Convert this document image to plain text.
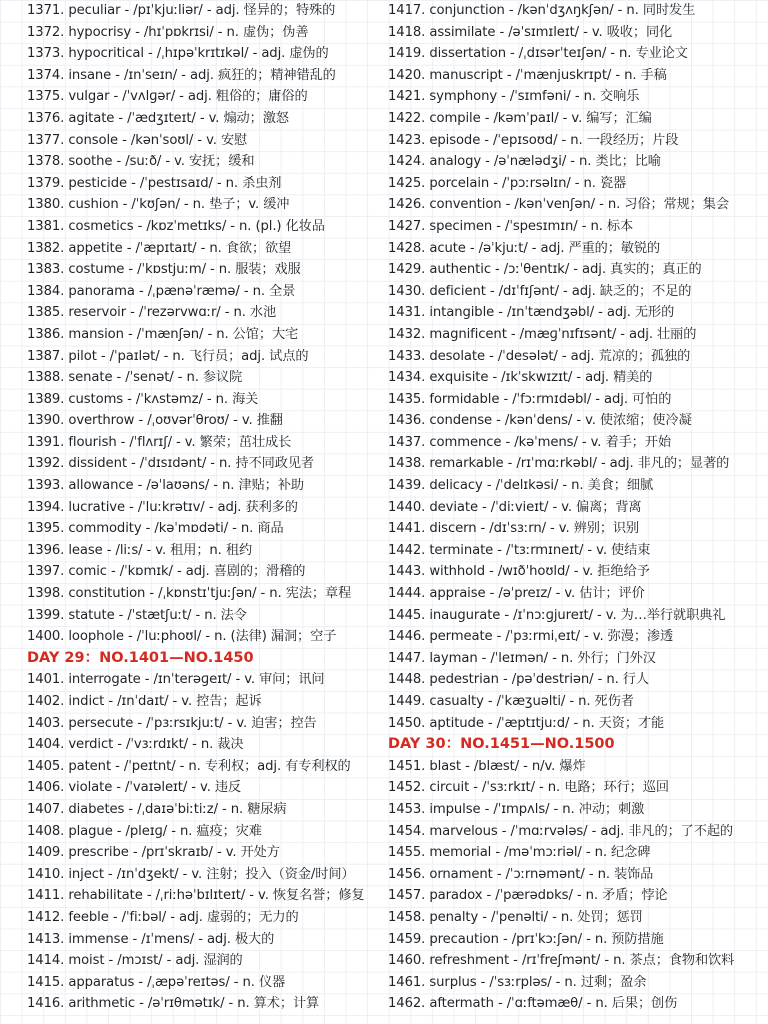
1371. peculiar - /pɪˈkjuːliər/ - adj. 怪异的；特殊的
1372. hypocrisy - /hɪˈpɒkrɪsi/ - n. 虚伪；伪善
1373. hypocritical - /ˌhɪpəˈkrɪtɪkəl/ - adj. 虚伪的
1374. insane - /ɪnˈseɪn/ - adj. 疯狂的；精神错乱的
1375. vulgar - /ˈvʌlɡər/ - adj. 粗俗的；庸俗的
1376. agitate - /ˈædʒɪteɪt/ - v. 煽动；激怒
1377. console - /kənˈsoʊl/ - v. 安慰
1378. soothe - /suːð/ - v. 安抚；缓和
1379. pesticide - /ˈpestɪsaɪd/ - n. 杀虫剂
1380. cushion - /ˈkʊʃən/ - n. 垫子；v. 缓冲
1381. cosmetics - /kɒzˈmetɪks/ - n. (pl.) 化妆品
1382. appetite - /ˈæpɪtaɪt/ - n. 食欲；欲望
1383. costume - /ˈkɒstjuːm/ - n. 服装；戏服
1384. panorama - /ˌpænəˈræmə/ - n. 全景
1385. reservoir - /ˈrezərvwɑːr/ - n. 水池
1386. mansion - /ˈmænʃən/ - n. 公馆；大宅
1387. pilot - /ˈpaɪlət/ - n. 飞行员；adj. 试点的
1388. senate - /ˈsenət/ - n. 参议院
1389. customs - /ˈkʌstəmz/ - n. 海关
1390. overthrow - /ˌoʊvərˈθroʊ/ - v. 推翻
1391. flourish - /ˈflʌrɪʃ/ - v. 繁荣；茁壮成长
1392. dissident - /ˈdɪsɪdənt/ - n. 持不同政见者
1393. allowance - /əˈlaʊəns/ - n. 津贴；补助
1394. lucrative - /ˈluːkrətɪv/ - adj. 获利多的
1395. commodity - /kəˈmɒdəti/ - n. 商品
1396. lease - /liːs/ - v. 租用；n. 租约
1397. comic - /ˈkɒmɪk/ - adj. 喜剧的；滑稽的
1398. constitution - /ˌkɒnstɪˈtjuːʃən/ - n. 宪法；章程
1399. statute - /ˈstætʃuːt/ - n. 法令
1400. loophole - /ˈluːphoʊl/ - n. (法律) 漏洞；空子
DAY 29：NO.1401—NO.1450
1401. interrogate - /ɪnˈterəɡeɪt/ - v. 审问；讯问
1402. indict - /ɪnˈdaɪt/ - v. 控告；起诉
1403. persecute - /ˈpɜːrsɪkjuːt/ - v. 迫害；控告
1404. verdict - /ˈvɜːrdɪkt/ - n. 裁决
1405. patent - /ˈpeɪtnt/ - n. 专利权；adj. 有专利权的
1406. violate - /ˈvaɪəleɪt/ - v. 违反
1407. diabetes - /ˌdaɪəˈbiːtiːz/ - n. 糖尿病
1408. plague - /pleɪɡ/ - n. 瘟疫；灾难
1409. prescribe - /prɪˈskraɪb/ - v. 开处方
1410. inject - /ɪnˈdʒekt/ - v. 注射；投入（资金/时间）
1411. rehabilitate - /ˌriːhəˈbɪlɪteɪt/ - v. 恢复名誉；修复
1412. feeble - /ˈfiːbəl/ - adj. 虚弱的；无力的
1413. immense - /ɪˈmens/ - adj. 极大的
1414. moist - /mɔɪst/ - adj. 湿润的
1415. apparatus - /ˌæpəˈreɪtəs/ - n. 仪器
1416. arithmetic - /əˈrɪθmətɪk/ - n. 算术；计算
1417. conjunction - /kənˈdʒʌŋkʃən/ - n. 同时发生
1418. assimilate - /əˈsɪmɪleɪt/ - v. 吸收；同化
1419. dissertation - /ˌdɪsərˈteɪʃən/ - n. 专业论文
1420. manuscript - /ˈmænjuskrɪpt/ - n. 手稿
1421. symphony - /ˈsɪmfəni/ - n. 交响乐
1422. compile - /kəmˈpaɪl/ - v. 编写；汇编
1423. episode - /ˈepɪsoʊd/ - n. 一段经历；片段
1424. analogy - /əˈnælədʒi/ - n. 类比；比喻
1425. porcelain - /ˈpɔːrsəlɪn/ - n. 瓷器
1426. convention - /kənˈvenʃən/ - n. 习俗；常规；集会
1427. specimen - /ˈspesɪmɪn/ - n. 标本
1428. acute - /əˈkjuːt/ - adj. 严重的；敏锐的
1429. authentic - /ɔːˈθentɪk/ - adj. 真实的；真正的
1430. deficient - /dɪˈfɪʃənt/ - adj. 缺乏的；不足的
1431. intangible - /ɪnˈtændʒəbl/ - adj. 无形的
1432. magnificent - /mæɡˈnɪfɪsənt/ - adj. 壮丽的
1433. desolate - /ˈdesələt/ - adj. 荒凉的；孤独的
1434. exquisite - /ɪkˈskwɪzɪt/ - adj. 精美的
1435. formidable - /ˈfɔːrmɪdəbl/ - adj. 可怕的
1436. condense - /kənˈdens/ - v. 使浓缩；使冷凝
1437. commence - /kəˈmens/ - v. 着手；开始
1438. remarkable - /rɪˈmɑːrkəbl/ - adj. 非凡的；显著的
1439. delicacy - /ˈdelɪkəsi/ - n. 美食；细腻
1440. deviate - /ˈdiːvieɪt/ - v. 偏离；背离
1441. discern - /dɪˈsɜːrn/ - v. 辨别；识别
1442. terminate - /ˈtɜːrmɪneɪt/ - v. 使结束
1443. withhold - /wɪðˈhoʊld/ - v. 拒绝给予
1444. appraise - /əˈpreɪz/ - v. 估计；评价
1445. inaugurate - /ɪˈnɔːɡjureɪt/ - v. 为…举行就职典礼
1446. permeate - /ˈpɜːrmiˌeɪt/ - v. 弥漫；渗透
1447. layman - /ˈleɪmən/ - n. 外行；门外汉
1448. pedestrian - /pəˈdestriən/ - n. 行人
1449. casualty - /ˈkæʒuəlti/ - n. 死伤者
1450. aptitude - /ˈæptɪtjuːd/ - n. 天资；才能
DAY 30：NO.1451—NO.1500
1451. blast - /blæst/ - n/v. 爆炸
1452. circuit - /ˈsɜːrkɪt/ - n. 电路；环行；巡回
1453. impulse - /ˈɪmpʌls/ - n. 冲动；刺激
1454. marvelous - /ˈmɑːrvələs/ - adj. 非凡的；了不起的
1455. memorial - /məˈmɔːriəl/ - n. 纪念碑
1456. ornament - /ˈɔːrnəmənt/ - n. 装饰品
1457. paradox - /ˈpærədɒks/ - n. 矛盾；悖论
1458. penalty - /ˈpenəlti/ - n. 处罚；惩罚
1459. precaution - /prɪˈkɔːʃən/ - n. 预防措施
1460. refreshment - /rɪˈfreʃmənt/ - n. 茶点；食物和饮料
1461. surplus - /ˈsɜːrpləs/ - n. 过剩；盈余
1462. aftermath - /ˈɑːftəmæθ/ - n. 后果；创伤
